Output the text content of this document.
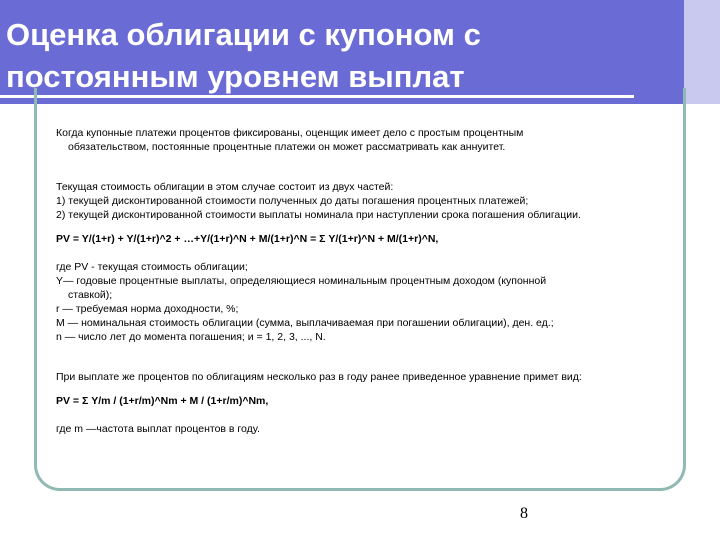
Оценка облигации с купоном с
постоянным уровнем выплат

Когда купонные платежи процентов фиксированы, оценщик имеет дело с простым процентным

обязательством, постоянные процентные платежи он может рассматривать как аннуитет.

Текущая стоимость облигации в этом случае состоит из двух частей:

1) текущей дисконтированной стоимости полученных до даты погашения процентных платежей;

2) текущей дисконтированной стоимости выплаты номинала при наступлении срока погашения облигации.

PV = Y/(1+r) + Y/(1+r)^2 + …+Y/(1+r)^N + M/(1+r)^N = Σ Y/(1+r)^N + M/(1+r)^N,

где PV - текущая стоимость облигации;

Y— годовые процентные выплаты, определяющиеся номинальным процентным доходом (купонной

ставкой);

r — требуемая норма доходности, %;

М — номинальная стоимость облигации (сумма, выплачиваемая при погашении облигации), ден. ед.;

n — число лет до момента погашения; и = 1, 2, 3, ..., N.

При выплате же процентов по облигациям несколько раз в году ранее приведенное уравнение примет вид:

PV = Σ Y/m / (1+r/m)^Nm + M / (1+r/m)^Nm,

где m —частота выплат процентов в году.

8
